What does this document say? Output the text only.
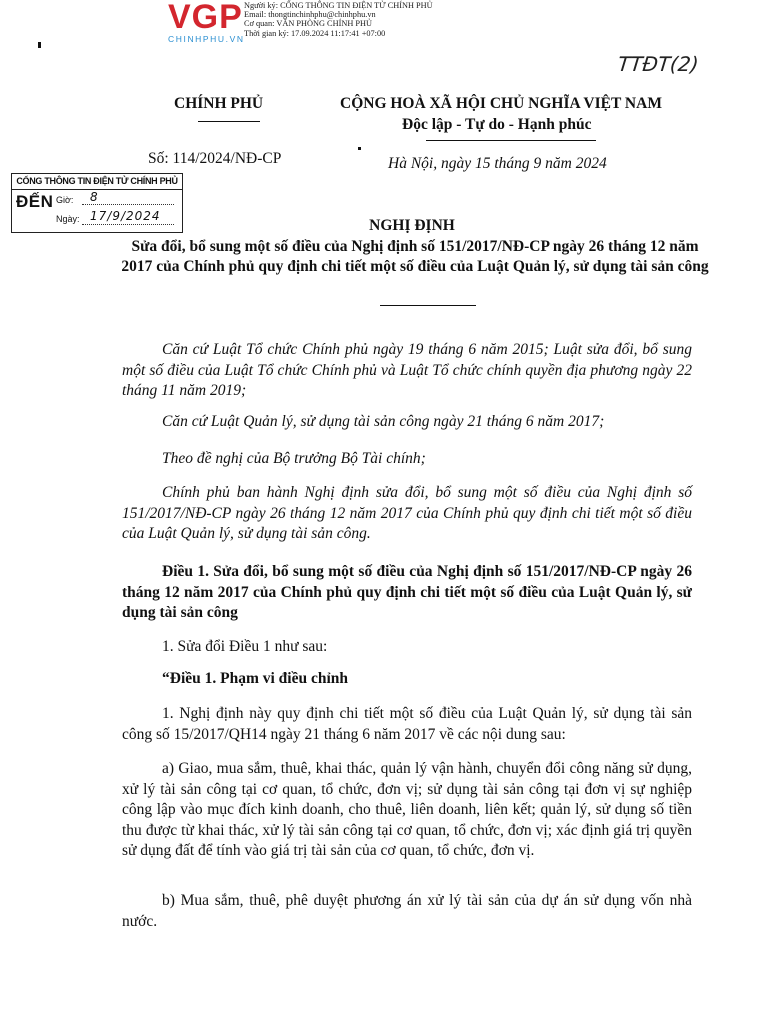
VGP
CHINHPHU.VN
Người ký: CỔNG THÔNG TIN ĐIỆN TỬ CHÍNH PHỦ
Email: thongtinchinhphu@chinhphu.vn
Cơ quan: VĂN PHÒNG CHÍNH PHỦ
Thời gian ký: 17.09.2024 11:17:41 +07:00
TTĐT(2)
CHÍNH PHỦ	CỘNG HOÀ XÃ HỘI CHỦ NGHĨA VIỆT NAM
Độc lập - Tự do - Hạnh phúc
Số: 114/2024/NĐ-CP	Hà Nội, ngày 15 tháng 9 năm 2024
CỔNG THÔNG TIN ĐIỆN TỬ CHÍNH PHỦ
ĐẾN Giờ:
Ngày:
8
17/9/2024
NGHỊ ĐỊNH
Sửa đổi, bổ sung một số điều của Nghị định số 151/2017/NĐ-CP ngày 26 tháng 12 năm 2017 của Chính phủ quy định chi tiết một số điều của Luật Quản lý, sử dụng tài sản công
Căn cứ Luật Tổ chức Chính phủ ngày 19 tháng 6 năm 2015; Luật sửa đổi, bổ sung một số điều của Luật Tổ chức Chính phủ và Luật Tổ chức chính quyền địa phương ngày 22 tháng 11 năm 2019;
Căn cứ Luật Quản lý, sử dụng tài sản công ngày 21 tháng 6 năm 2017;
Theo đề nghị của Bộ trưởng Bộ Tài chính;
Chính phủ ban hành Nghị định sửa đổi, bổ sung một số điều của Nghị định số 151/2017/NĐ-CP ngày 26 tháng 12 năm 2017 của Chính phủ quy định chi tiết một số điều của Luật Quản lý, sử dụng tài sản công.
Điều 1. Sửa đổi, bổ sung một số điều của Nghị định số 151/2017/NĐ-CP ngày 26 tháng 12 năm 2017 của Chính phủ quy định chi tiết một số điều của Luật Quản lý, sử dụng tài sản công
1. Sửa đổi Điều 1 như sau:
“Điều 1. Phạm vi điều chỉnh
1. Nghị định này quy định chi tiết một số điều của Luật Quản lý, sử dụng tài sản công số 15/2017/QH14 ngày 21 tháng 6 năm 2017 về các nội dung sau:
a) Giao, mua sắm, thuê, khai thác, quản lý vận hành, chuyển đổi công năng sử dụng, xử lý tài sản công tại cơ quan, tổ chức, đơn vị; sử dụng tài sản công tại đơn vị sự nghiệp công lập vào mục đích kinh doanh, cho thuê, liên doanh, liên kết; quản lý, sử dụng số tiền thu được từ khai thác, xử lý tài sản công tại cơ quan, tổ chức, đơn vị; xác định giá trị quyền sử dụng đất để tính vào giá trị tài sản của cơ quan, tổ chức, đơn vị.
b) Mua sắm, thuê, phê duyệt phương án xử lý tài sản của dự án sử dụng vốn nhà nước.
